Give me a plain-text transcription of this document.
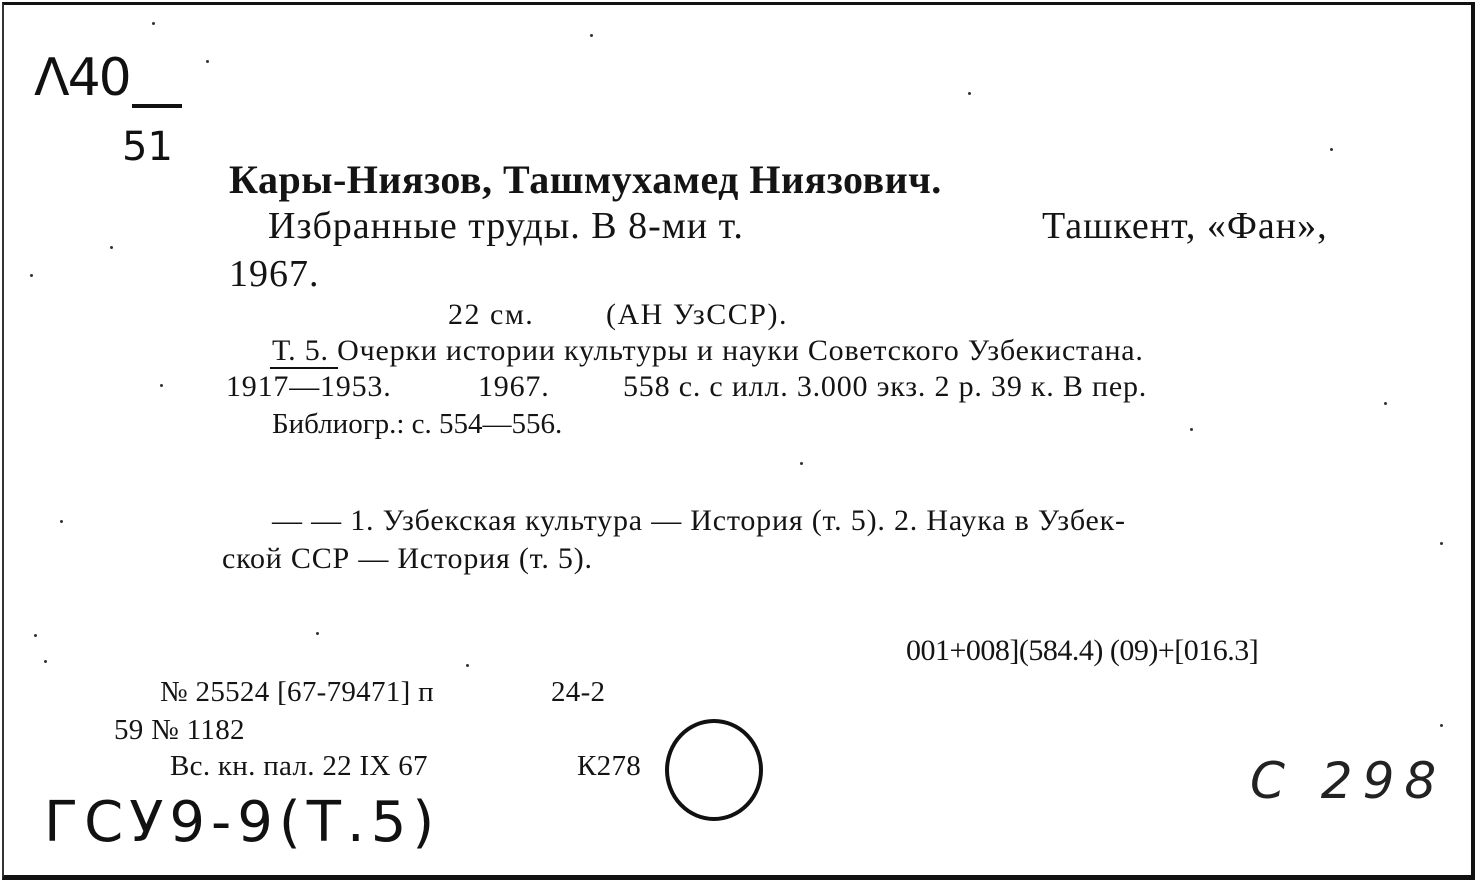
Λ40
51
Кары-Ниязов, Ташмухамед Ниязович.
Избранные труды. В 8-ми т.	Ташкент, «Фан»,
1967.
22 см. (АН УзССР).
Т. 5. Очерки истории культуры и науки Советского Узбекистана.
1917—1953.	1967. 558 с. с илл. 3.000 экз. 2 р. 39 к. В пер.
Библиогр.: с. 554—556.
— — 1. Узбекская культура — История (т. 5). 2. Наука в Узбек-
ской ССР — История (т. 5).
001+008](584.4) (09)+[016.3]
№ 25524 [67-79471] п	24-2
59 № 1182
Вс. кн. пал. 22 IX 67	К278
ГСУ9-9(Т.5)
С 298
